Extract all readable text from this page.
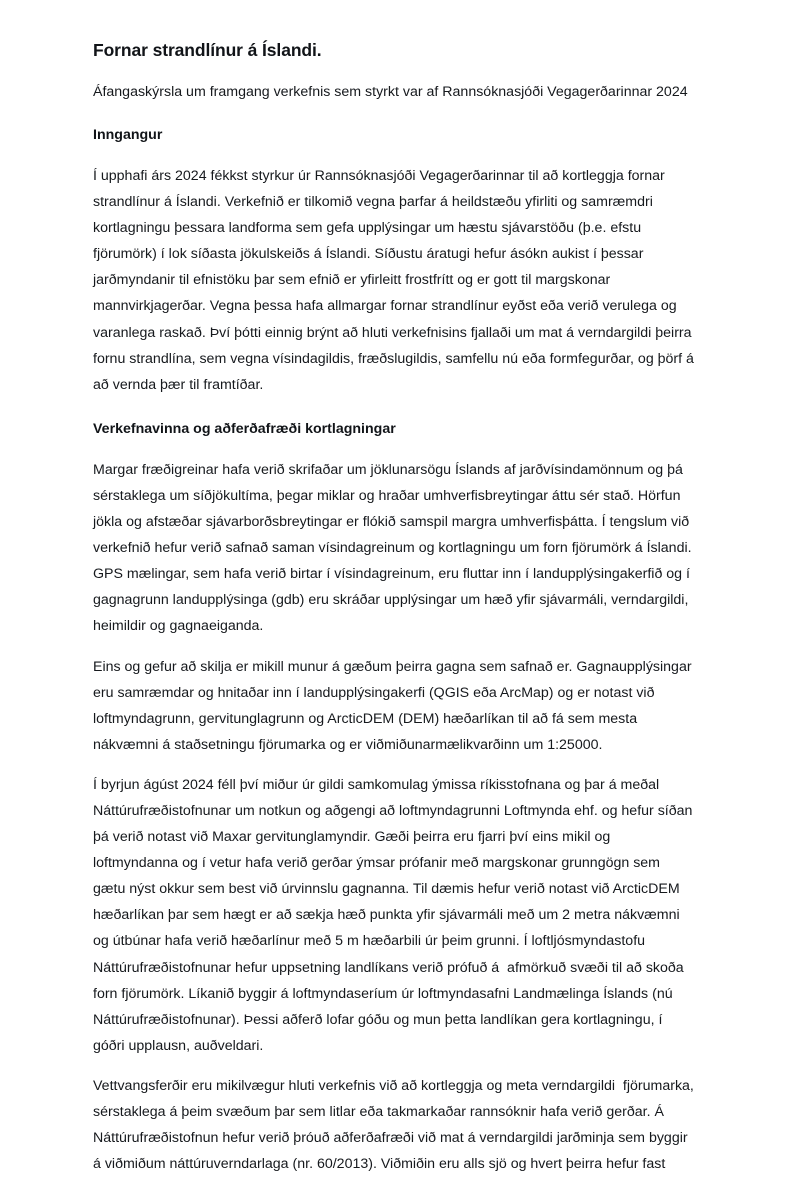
Fornar strandlínur á Íslandi.

Áfangaskýrsla um framgang verkefnis sem styrkt var af Rannsóknasjóði Vegagerðarinnar 2024

Inngangur

Í upphafi árs 2024 fékkst styrkur úr Rannsóknasjóði Vegagerðarinnar til að kortleggja fornar strandlínur á Íslandi. Verkefnið er tilkomið vegna þarfar á heildstæðu yfirliti og samræmdri kortlagningu þessara landforma sem gefa upplýsingar um hæstu sjávarstöðu (þ.e. efstu fjörumörk) í lok síðasta jökulskeiðs á Íslandi. Síðustu áratugi hefur ásókn aukist í þessar jarðmyndanir til efnistöku þar sem efnið er yfirleitt frostfrítt og er gott til margskonar mannvirkjagerðar. Vegna þessa hafa allmargar fornar strandlínur eyðst eða verið verulega og varanlega raskað. Því þótti einnig brýnt að hluti verkefnisins fjallaði um mat á verndargildi þeirra fornu strandlína, sem vegna vísindagildis, fræðslugildis, samfellu nú eða formfegurðar, og þörf á að vernda þær til framtíðar.

Verkefnavinna og aðferðafræði kortlagningar

Margar fræðigreinar hafa verið skrifaðar um jöklunarsögu Íslands af jarðvísindamönnum og þá sérstaklega um síðjökultíma, þegar miklar og hraðar umhverfisbreytingar áttu sér stað. Hörfun jökla og afstæðar sjávarborðsbreytingar er flókið samspil margra umhverfisþátta. Í tengslum við verkefnið hefur verið safnað saman vísindagreinum og kortlagningu um forn fjörumörk á Íslandi. GPS mælingar, sem hafa verið birtar í vísindagreinum, eru fluttar inn í landupplýsingakerfið og í gagnagrunn landupplýsinga (gdb) eru skráðar upplýsingar um hæð yfir sjávarmáli, verndargildi, heimildir og gagnaeiganda.

Eins og gefur að skilja er mikill munur á gæðum þeirra gagna sem safnað er. Gagnaupplýsingar eru samræmdar og hnitaðar inn í landupplýsingakerfi (QGIS eða ArcMap) og er notast við loftmyndagrunn, gervitunglagrunn og ArcticDEM (DEM) hæðarlíkan til að fá sem mesta nákvæmni á staðsetningu fjörumarka og er viðmiðunarmælikvarðinn um 1:25000.

Í byrjun ágúst 2024 féll því miður úr gildi samkomulag ýmissa ríkisstofnana og þar á meðal Náttúrufræðistofnunar um notkun og aðgengi að loftmyndagrunni Loftmynda ehf. og hefur síðan þá verið notast við Maxar gervitunglamyndir. Gæði þeirra eru fjarri því eins mikil og loftmyndanna og í vetur hafa verið gerðar ýmsar prófanir með margskonar grunngögn sem gætu nýst okkur sem best við úrvinnslu gagnanna. Til dæmis hefur verið notast við ArcticDEM hæðarlíkan þar sem hægt er að sækja hæð punkta yfir sjávarmáli með um 2 metra nákvæmni og útbúnar hafa verið hæðarlínur með 5 m hæðarbili úr þeim grunni. Í loftljósmyndastofu Náttúrufræðistofnunar hefur uppsetning landlíkans verið prófuð á  afmörkuð svæði til að skoða forn fjörumörk. Líkanið byggir á loftmyndaseríum úr loftmyndasafni Landmælinga Íslands (nú Náttúrufræðistofnunar). Þessi aðferð lofar góðu og mun þetta landlíkan gera kortlagningu, í góðri upplausn, auðveldari.

Vettvangsferðir eru mikilvægur hluti verkefnis við að kortleggja og meta verndargildi  fjörumarka, sérstaklega á þeim svæðum þar sem litlar eða takmarkaðar rannsóknir hafa verið gerðar. Á Náttúrufræðistofnun hefur verið þróuð aðferðafræði við mat á verndargildi jarðminja sem byggir á viðmiðum náttúruverndarlaga (nr. 60/2013). Viðmiðin eru alls sjö og hvert þeirra hefur fast
